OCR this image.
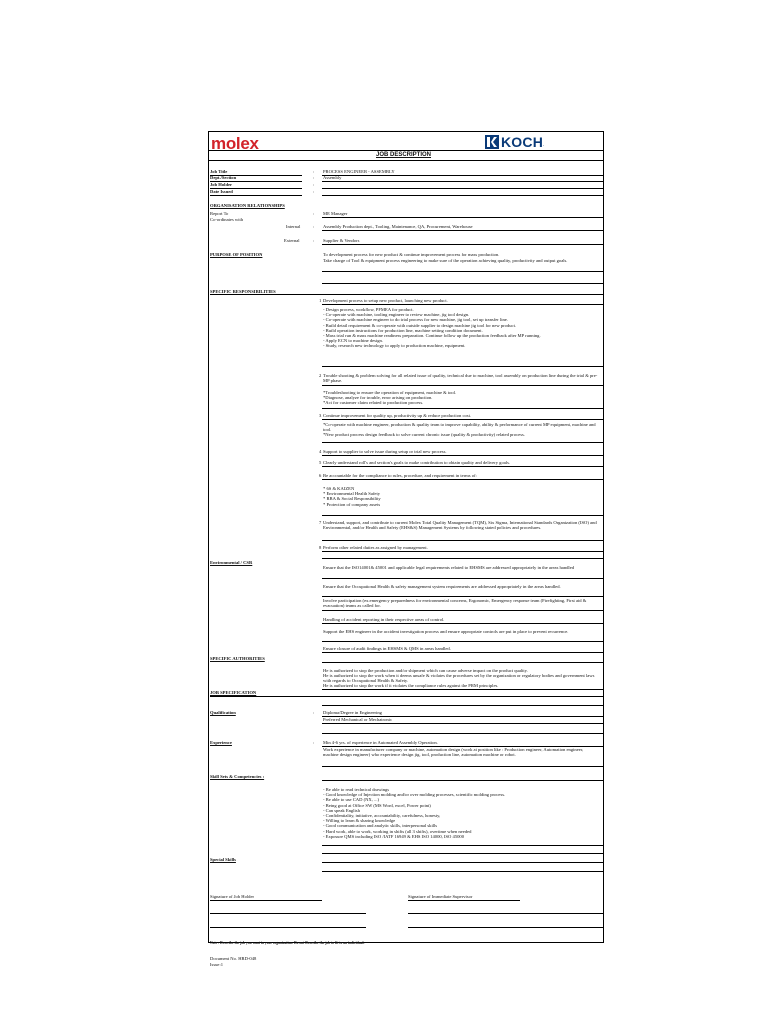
molex	KOCH .
JOB DESCRIPTION
Job Title	: PROCESS ENGINEER - ASSEMBLY
Dept./Section	: Assembly
Job Holder	:
Date Issued	:
ORGANISATION RELATIONSHIPS
Report To	: ME Manager
Co-ordinates with
Internal	: Assembly Production dept., Tooling, Maintenance, QA, Procurement, Warehouse
External	: Supplier & Vendors
PURPOSE OF POSITION	To development process for new product & continue improvement process for mass production.
Take charge of Tool & equipment process engineering to make sure of the operation achieving quality, productivity and output goals.
SPECIFIC RESPONSIBILITIES
1 Development process to setup new product, launching new product.
- Design process, workflow, PFMEA for product.
- Co-operate with machine, tooling engineer to review machine, jig tool design.
- Co-operate with machine engineer to do trial process for new machine, jig tool, set up transfer line.
- Build detail requirement & co-operate with outside supplier to design machine jig tool for new product.
- Build operation instructions for production line, machine setting condition document.
- Mass trial run & mass machine readiness preparation. Continue follow up the production feedback after MP running.
- Apply ECN to machine design.
- Study, research new technology to apply to production machine, equipment.
2 Trouble shooting & problem solving for all related issue of quality, technical due to machine, tool assembly on production line during the trial & pre-MP phase.
*Troubleshooting to ensure the operation of equipment, machine & tool.
*Diagnose, analyze for trouble, error arising on production.
*Act for customer claim related to production process.
3 Continue improvement for quality up, productivity up & reduce production cost.
*Co-operate with machine engineer, production & quality team to improve capability, ability & performance of current MP equipment, machine and tool.
*New product process design feedback to solve current chronic issue (quality & productivity) related process.
4 Support to supplier to solve issue during setup or trial new process.
5 Clearly understand roll's and section's goals to make contribution to obtain quality and delivery goals.
6 Be accountable for the compliance to rules, procedure, and requirement in terms of:
* 6S & KAIZEN
* Environmental Health Safety
* RBA & Social Responsibility
* Protection of company assets
7 Understand, support, and contribute to current Molex Total Quality Management (TQM), Six Sigma, International Standards Organization (ISO) and Environmental, and/or Health and Safety (EHS&S) Management Systems by following stated policies and procedures.
8 Perform other related duties as assigned by management.
Environmental / CSR
Ensure that the ISO14001& 45001 and applicable legal requirements related to EHSMS are addressed appropriately in the areas handled
Ensure that the Occupational Health & safety management system requirements are addressed appropriately in the areas handled.
Involve participation (ex.emergency preparedness for environmental concerns, Ergonomic, Emergency response team (Firefighting, First aid & evacuation) teams as called for.
Handling of accident reporting in their respective areas of control.
Support the EHS engineer in the accident investigation process and ensure appropriate controls are put in place to prevent recurrence.
Ensure closure of audit findings in EHSMS & QMS in areas handled.
SPECIFIC AUTHORITIES
He is authorized to stop the production and/or shipment which can cause adverse impact on the product quality.
He is authorized to stop the work when it deems unsafe & violates the procedures set by the organization or regulatory bodies and government laws with regards to Occupational Health & Safety.
He is authorized to stop the work if it violates the compliance rules against the PRM principles.
JOB SPECIFICATION
Qualification	: Diploma/Degree in Engineering
Preferred Mechanical or Mechatronic
Experience	: Min 4-6 yrs. of experience in Automated Assembly Operation.
Work experience in manufacturer company or machine, automation design (work at position like : Production engineer, Automation engineer, machine design engineer) who experience design jig, tool, production line, automation machine or robot.
Skill Sets & Competencies :
- Be able to read technical drawings
- Good knowledge of Injection molding and/or over molding processes, scientific molding process.
- Be able to use CAD (NX, ...)
- Being good at Office SW (MS Word, excel, Power point)
- Can speak English
- Confidentiality, initiative, accountability, carefulness, honesty,
- Willing to learn & sharing knowledge
- Good communication and analytic skills, interpersonal skills
- Hard work, able to work, working in shifts (all 3 shifts), overtime when needed
- Exposure QMS including ISO /IATF 16949 & EHS ISO 14000, ISO 45000
Special Skills
Signature of Job Holder	Signature of Immediate Supervisor
Note : Describe the job you want in your organization. Do not Describe the job to fit to an individual.
Document No. HRD-048
Issue:1
